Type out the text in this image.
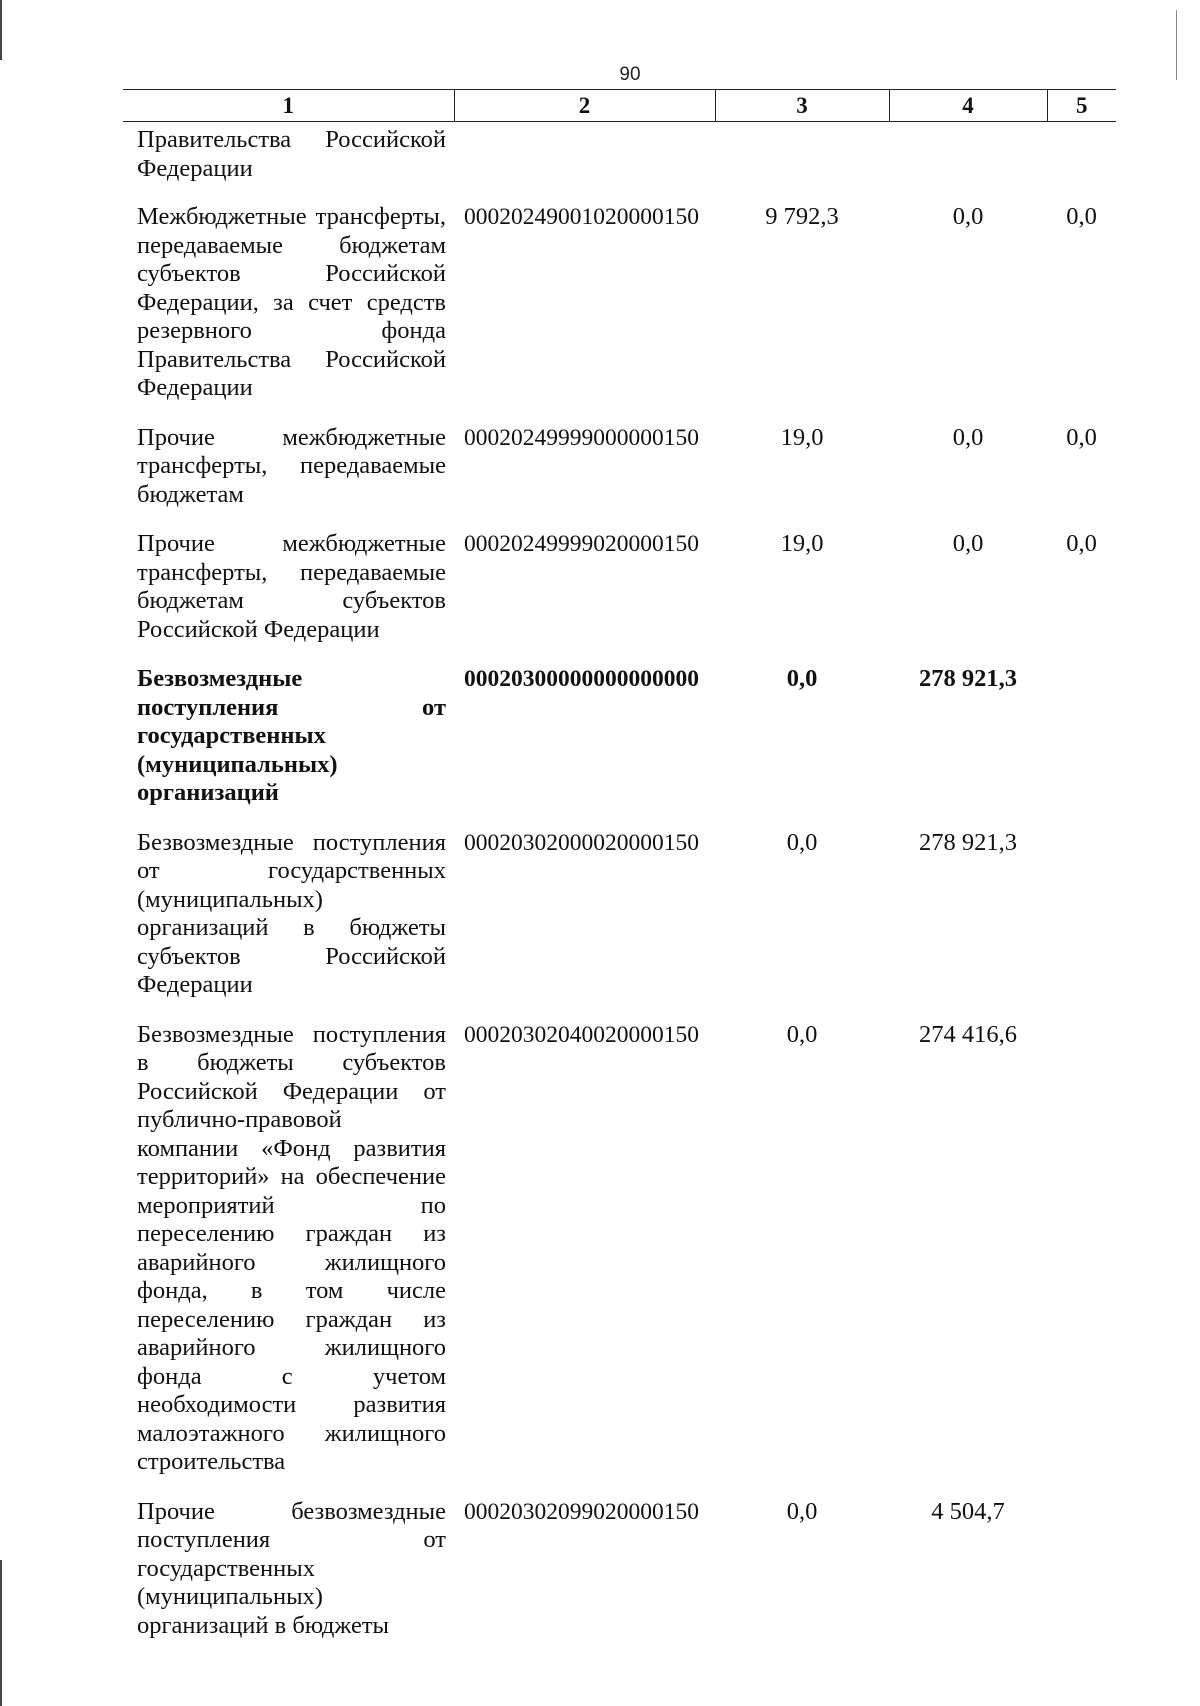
90
1	2	3	4	5
Правительства Российской Федерации				
Межбюджетные трансферты, передаваемые бюджетам субъектов Российской Федерации, за счет средств резервного фонда Правительства Российской Федерации	00020249001020000150	9 792,3	0,0	0,0
Прочие межбюджетные трансферты, передаваемые бюджетам	00020249999000000150	19,0	0,0	0,0
Прочие межбюджетные трансферты, передаваемые бюджетам субъектов Российской Федерации	00020249999020000150	19,0	0,0	0,0
Безвозмездные поступления от государственных (муниципальных) организаций	00020300000000000000	0,0	278 921,3	
Безвозмездные поступления от государственных (муниципальных) организаций в бюджеты субъектов Российской Федерации	00020302000020000150	0,0	278 921,3	
Безвозмездные поступления в бюджеты субъектов Российской Федерации от публично-правовой компании «Фонд развития территорий» на обеспечение мероприятий по переселению граждан из аварийного жилищного фонда, в том числе переселению граждан из аварийного жилищного фонда с учетом необходимости развития малоэтажного жилищного строительства	00020302040020000150	0,0	274 416,6	
Прочие безвозмездные поступления от государственных (муниципальных) организаций в бюджеты	00020302099020000150	0,0	4 504,7	
